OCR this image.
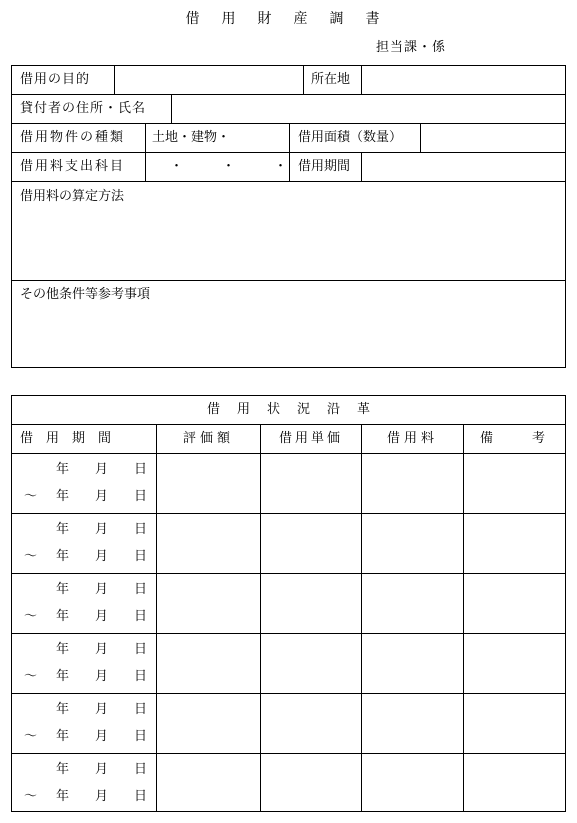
借用財産調書
担当課・係
借用の目的	所在地
貸付者の住所・氏名
借用物件の種類 土地・建物・	借用面積（数量）
借用料支出科目	・　　　・　　　・ 借用期間
借用料の算定方法
その他条件等参考事項
借用状況沿革
借　用　期　間	評価額	借用単価	借用料	備　　　考
年　　月　　日
～ 年　　月　　日
年　　月　　日
～ 年　　月　　日
年　　月　　日
～ 年　　月　　日
年　　月　　日
～ 年　　月　　日
年　　月　　日
～ 年　　月　　日
年　　月　　日
～ 年　　月　　日
